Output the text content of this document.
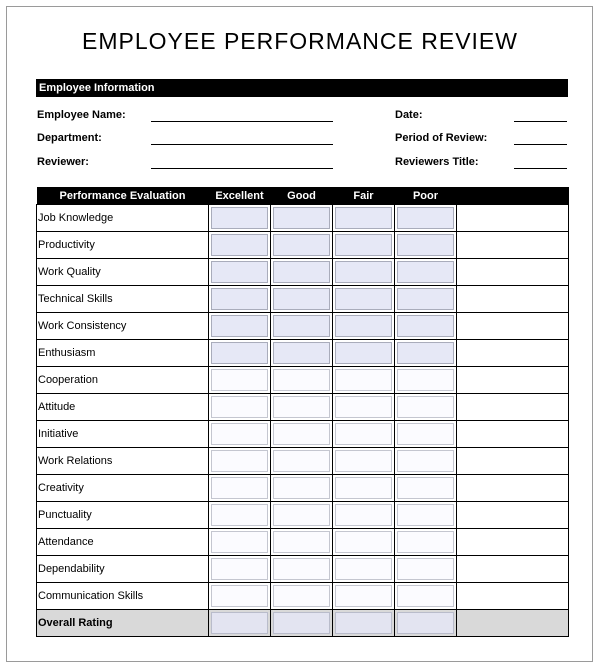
EMPLOYEE PERFORMANCE REVIEW
Employee Information
Employee Name:
Department:
Reviewer:
Date:
Period of Review:
Reviewers Title:
Performance Evaluation	Excellent	Good	Fair	Poor	
Job Knowledge	

Productivity	

Work Quality	

Technical Skills	

Work Consistency	

Enthusiasm	

Cooperation	

Attitude	

Initiative	

Work Relations	

Creativity	

Punctuality	

Attendance	

Dependability	

Communication Skills	

Overall Rating	
